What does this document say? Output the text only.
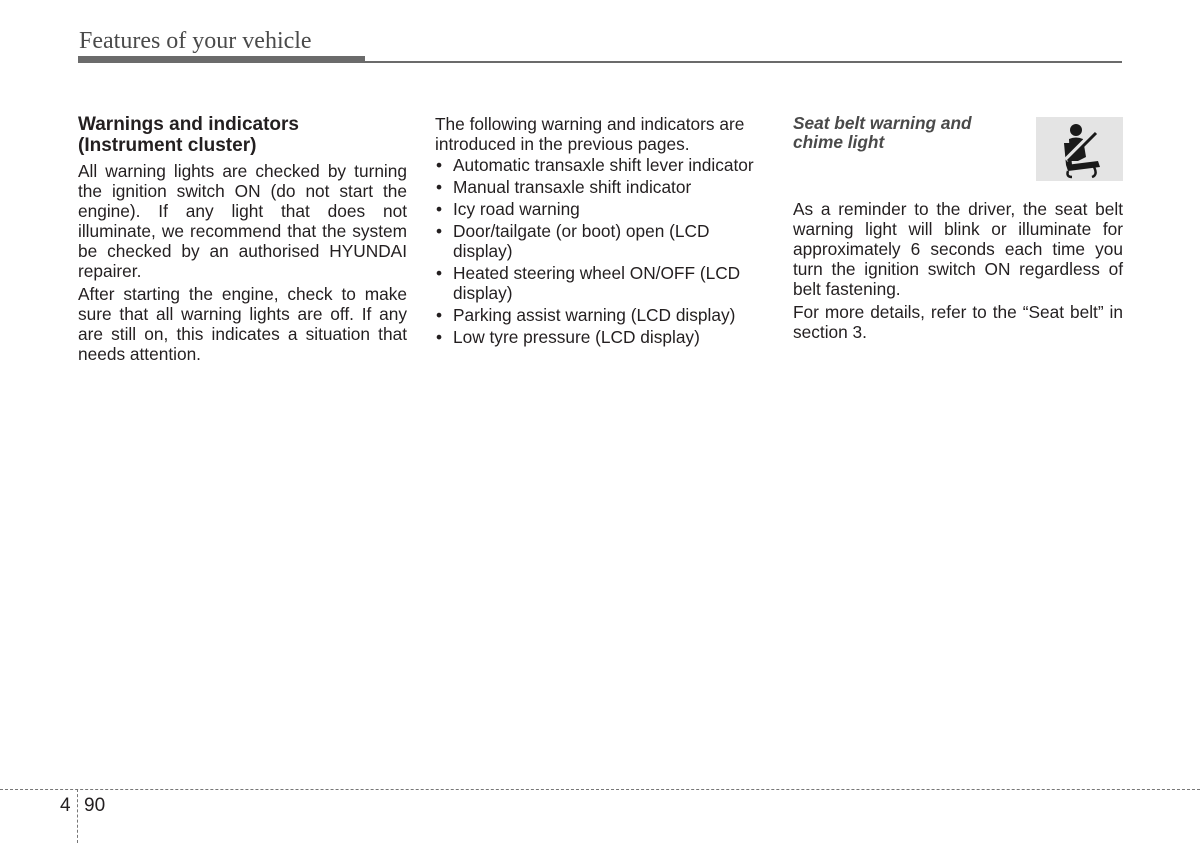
Features of your vehicle
Warnings and indicators
(Instrument cluster)

All warning lights are checked by turning the ignition switch ON (do not start the engine). If any light that does not illuminate, we recommend that the system be checked by an authorised HYUNDAI repairer.

After starting the engine, check to make sure that all warning lights are off. If any are still on, this indicates a situation that needs attention.

The following warning and indicators are introduced in the previous pages.

• Automatic transaxle shift lever indicator
• Manual transaxle shift indicator
• Icy road warning
• Door/tailgate (or boot) open (LCD display)
• Heated steering wheel ON/OFF (LCD display)
• Parking assist warning (LCD display)
• Low tyre pressure (LCD display)
Seat belt warning and
chime light

As a reminder to the driver, the seat belt warning light will blink or illuminate for approximately 6 seconds each time you turn the ignition switch ON regardless of belt fastening.

For more details, refer to the “Seat belt” in section 3.

4 90
